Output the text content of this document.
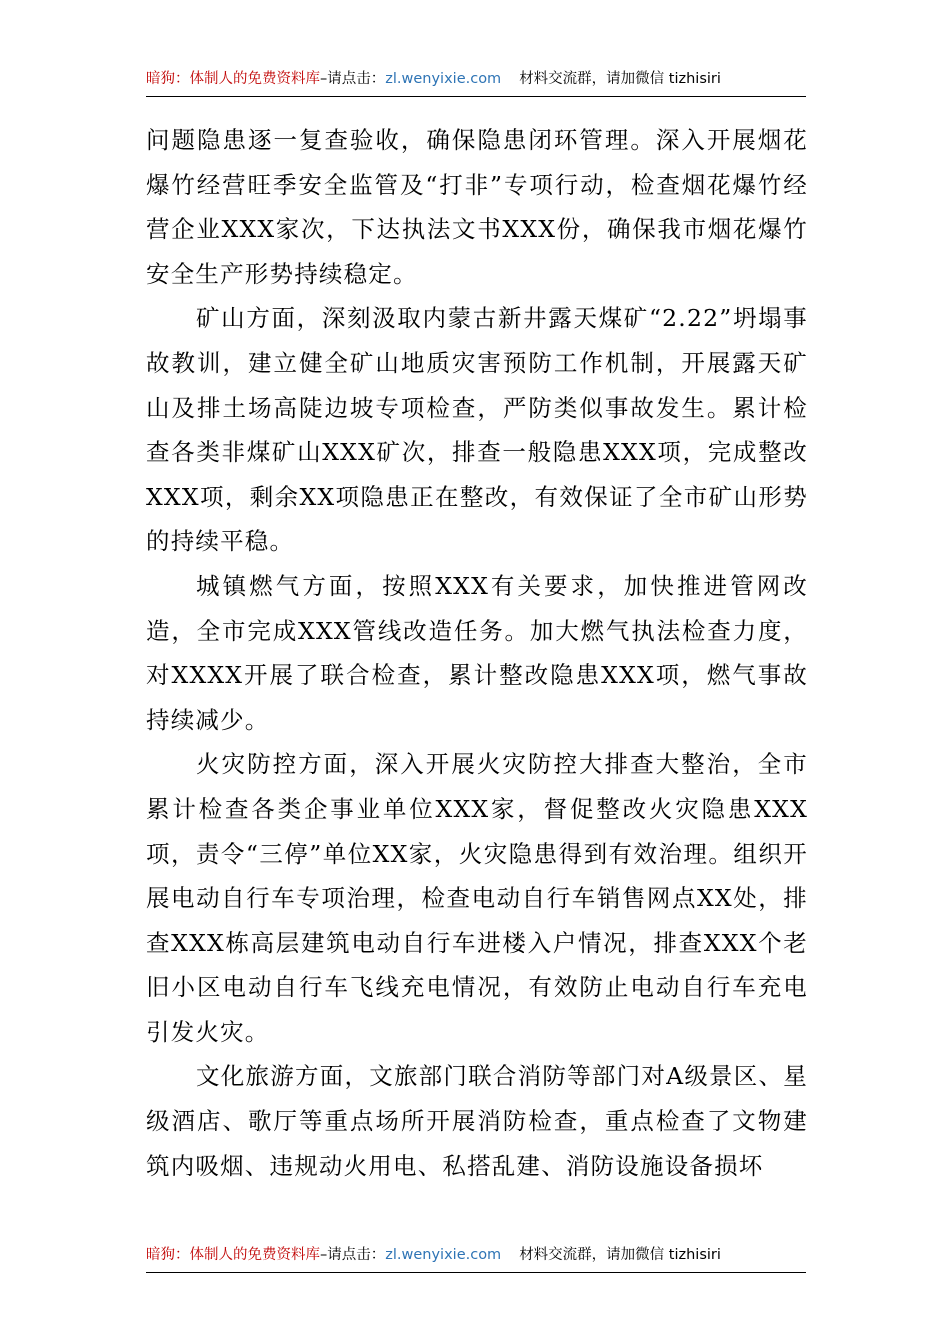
暗狗：体制人的免费资料库–请点击：zl.wenyixie.com 材料交流群，请加微信 tizhisiri

问题隐患逐一复查验收，确保隐患闭环管理。深入开展烟花爆竹经营旺季安全监管及“打非”专项行动，检查烟花爆竹经营企业XXX家次，下达执法文书XXX份，确保我市烟花爆竹安全生产形势持续稳定。

矿山方面，深刻汲取内蒙古新井露天煤矿“2.22”坍塌事故教训，建立健全矿山地质灾害预防工作机制，开展露天矿山及排土场高陡边坡专项检查，严防类似事故发生。累计检查各类非煤矿山XXX矿次，排查一般隐患XXX项，完成整改XXX项，剩余XX项隐患正在整改，有效保证了全市矿山形势的持续平稳。

城镇燃气方面，按照XXX有关要求，加快推进管网改造，全市完成XXX管线改造任务。加大燃气执法检查力度，对XXXX开展了联合检查，累计整改隐患XXX项，燃气事故持续减少。

火灾防控方面，深入开展火灾防控大排查大整治，全市累计检查各类企事业单位XXX家，督促整改火灾隐患XXX项，责令“三停”单位XX家，火灾隐患得到有效治理。组织开展电动自行车专项治理，检查电动自行车销售网点XX处，排查XXX栋高层建筑电动自行车进楼入户情况，排查XXX个老旧小区电动自行车飞线充电情况，有效防止电动自行车充电引发火灾。

文化旅游方面，文旅部门联合消防等部门对A级景区、星级酒店、歌厅等重点场所开展消防检查，重点检查了文物建筑内吸烟、违规动火用电、私搭乱建、消防设施设备损坏

暗狗：体制人的免费资料库–请点击：zl.wenyixie.com 材料交流群，请加微信 tizhisiri
